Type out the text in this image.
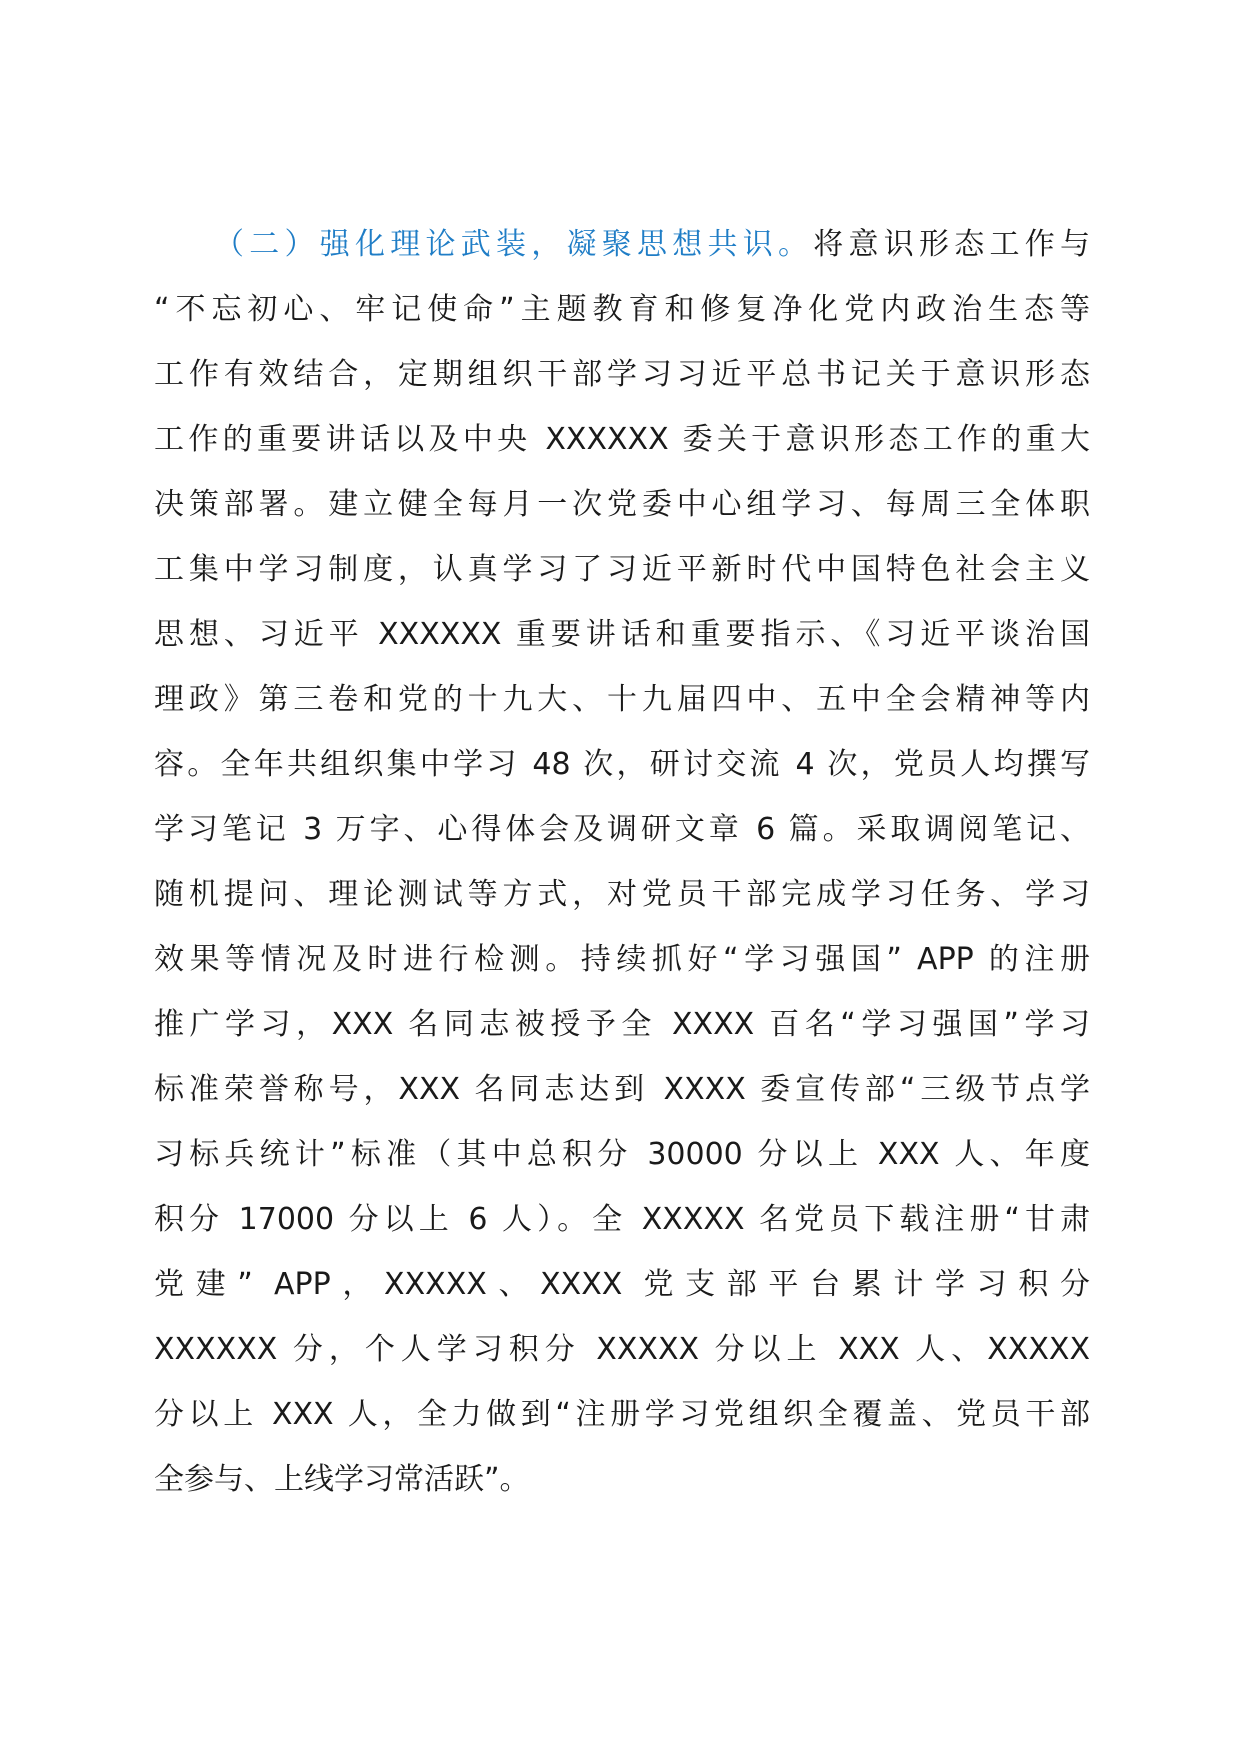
（二）强化理论武装，凝聚思想共识。将意识形态工作与
“不忘初心、牢记使命”主题教育和修复净化党内政治生态等
工作有效结合，定期组织干部学习习近平总书记关于意识形态
工作的重要讲话以及中央 XXXXXX 委关于意识形态工作的重大
决策部署。建立健全每月一次党委中心组学习、每周三全体职
工集中学习制度，认真学习了习近平新时代中国特色社会主义
思想、习近平 XXXXXX 重要讲话和重要指示、《习近平谈治国
理政》第三卷和党的十九大、十九届四中、五中全会精神等内
容。全年共组织集中学习 48 次，研讨交流 4 次，党员人均撰写
学习笔记 3 万字、心得体会及调研文章 6 篇。采取调阅笔记、
随机提问、理论测试等方式，对党员干部完成学习任务、学习
效果等情况及时进行检测。持续抓好“学习强国” APP 的注册
推广学习，XXX 名同志被授予全 XXXX 百名“学习强国”学习
标准荣誉称号，XXX 名同志达到 XXXX 委宣传部“三级节点学
习标兵统计”标准（其中总积分 30000 分以上 XXX 人、年度
积分 17000 分以上 6 人）。全 XXXXX 名党员下载注册“甘肃
党建” APP，XXXXX、XXXX 党支部平台累计学习积分
XXXXXX 分，个人学习积分 XXXXX 分以上 XXX 人、XXXXX
分以上 XXX 人，全力做到“注册学习党组织全覆盖、党员干部
全参与、上线学习常活跃”。
